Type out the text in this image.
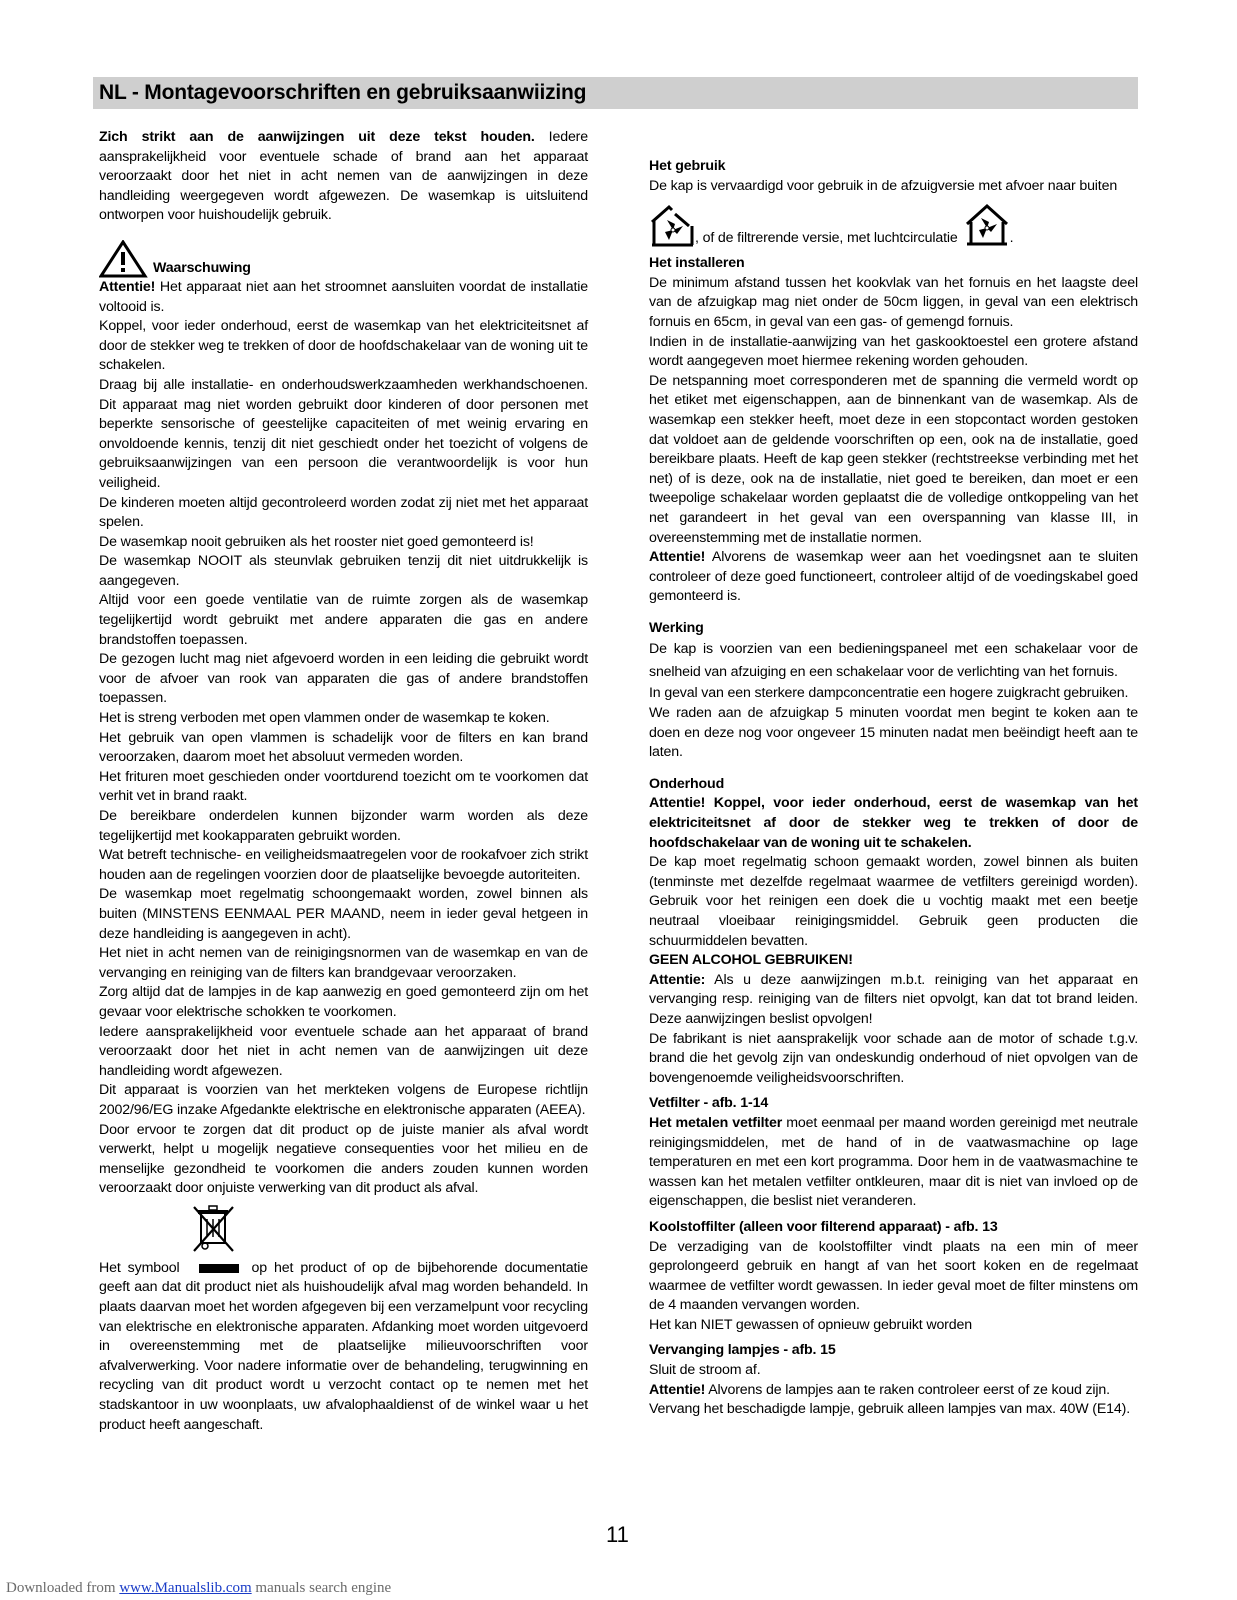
NL - Montagevoorschriften en gebruiksaanwiizing

Zich strikt aan de aanwijzingen uit deze tekst houden. Iedere aansprakelijkheid voor eventuele schade of brand aan het apparaat veroorzaakt door het niet in acht nemen van de aanwijzingen in deze handleiding weergegeven wordt afgewezen. De wasemkap is uitsluitend ontworpen voor huishoudelijk gebruik.

Waarschuwing

Attentie! Het apparaat niet aan het stroomnet aansluiten voordat de installatie voltooid is.

Koppel, voor ieder onderhoud, eerst de wasemkap van het elektriciteitsnet af door de stekker weg te trekken of door de hoofdschakelaar van de woning uit te schakelen.

Draag bij alle installatie- en onderhoudswerkzaamheden werkhandschoenen.

Dit apparaat mag niet worden gebruikt door kinderen of door personen met beperkte sensorische of geestelijke capaciteiten of met weinig ervaring en onvoldoende kennis, tenzij dit niet geschiedt onder het toezicht of volgens de gebruiksaanwijzingen van een persoon die verantwoordelijk is voor hun veiligheid.

De kinderen moeten altijd gecontroleerd worden zodat zij niet met het apparaat spelen.

De wasemkap nooit gebruiken als het rooster niet goed gemonteerd is!

De wasemkap NOOIT als steunvlak gebruiken tenzij dit niet uitdrukkelijk is aangegeven.

Altijd voor een goede ventilatie van de ruimte zorgen als de wasemkap tegelijkertijd wordt gebruikt met andere apparaten die gas en andere brandstoffen toepassen.

De gezogen lucht mag niet afgevoerd worden in een leiding die gebruikt wordt voor de afvoer van rook van apparaten die gas of andere brandstoffen toepassen.

Het is streng verboden met open vlammen onder de wasemkap te koken.

Het gebruik van open vlammen is schadelijk voor de filters en kan brand veroorzaken, daarom moet het absoluut vermeden worden.

Het frituren moet geschieden onder voortdurend toezicht om te voorkomen dat verhit vet in brand raakt.

De bereikbare onderdelen kunnen bijzonder warm worden als deze tegelijkertijd met kookapparaten gebruikt worden.

Wat betreft technische- en veiligheidsmaatregelen voor de rookafvoer zich strikt houden aan de regelingen voorzien door de plaatselijke bevoegde autoriteiten.

De wasemkap moet regelmatig schoongemaakt worden, zowel binnen als buiten (MINSTENS EENMAAL PER MAAND, neem in ieder geval hetgeen in deze handleiding is aangegeven in acht).

Het niet in acht nemen van de reinigingsnormen van de wasemkap en van de vervanging en reiniging van de filters kan brandgevaar veroorzaken.

Zorg altijd dat de lampjes in de kap aanwezig en goed gemonteerd zijn om het gevaar voor elektrische schokken te voorkomen.

Iedere aansprakelijkheid voor eventuele schade aan het apparaat of brand veroorzaakt door het niet in acht nemen van de aanwijzingen uit deze handleiding wordt afgewezen.

Dit apparaat is voorzien van het merkteken volgens de Europese richtlijn 2002/96/EG inzake Afgedankte elektrische en elektronische apparaten (AEEA).

Door ervoor te zorgen dat dit product op de juiste manier als afval wordt verwerkt, helpt u mogelijk negatieve consequenties voor het milieu en de menselijke gezondheid te voorkomen die anders zouden kunnen worden veroorzaakt door onjuiste verwerking van dit product als afval.

Het symbool	op het product of op de bijbehorende documentatie geeft aan dat dit product niet als huishoudelijk afval mag worden behandeld. In plaats daarvan moet het worden afgegeven bij een verzamelpunt voor recycling van elektrische en elektronische apparaten. Afdanking moet worden uitgevoerd in overeenstemming met de plaatselijke milieuvoorschriften voor afvalverwerking. Voor nadere informatie over de behandeling, terugwinning en recycling van dit product wordt u verzocht contact op te nemen met het stadskantoor in uw woonplaats, uw afvalophaaldienst of de winkel waar u het product heeft aangeschaft.

Het gebruik

De kap is vervaardigd voor gebruik in de afzuigversie met afvoer naar buiten

, of de filtrerende versie, met luchtcirculatie	.

Het installeren

De minimum afstand tussen het kookvlak van het fornuis en het laagste deel van de afzuigkap mag niet onder de 50cm liggen, in geval van een elektrisch fornuis en 65cm, in geval van een gas- of gemengd fornuis.

Indien in de installatie-aanwijzing van het gaskooktoestel een grotere afstand wordt aangegeven moet hiermee rekening worden gehouden.

De netspanning moet corresponderen met de spanning die vermeld wordt op het etiket met eigenschappen, aan de binnenkant van de wasemkap. Als de wasemkap een stekker heeft, moet deze in een stopcontact worden gestoken dat voldoet aan de geldende voorschriften op een, ook na de installatie, goed bereikbare plaats. Heeft de kap geen stekker (rechtstreekse verbinding met het net) of is deze, ook na de installatie, niet goed te bereiken, dan moet er een tweepolige schakelaar worden geplaatst die de volledige ontkoppeling van het net garandeert in het geval van een overspanning van klasse III, in overeenstemming met de installatie normen.

Attentie! Alvorens de wasemkap weer aan het voedingsnet aan te sluiten controleer of deze goed functioneert, controleer altijd of de voedingskabel goed gemonteerd is.

Werking

De kap is voorzien van een bedieningspaneel met een schakelaar voor de snelheid van afzuiging en een schakelaar voor de verlichting van het fornuis.

In geval van een sterkere dampconcentratie een hogere zuigkracht gebruiken.

We raden aan de afzuigkap 5 minuten voordat men begint te koken aan te doen en deze nog voor ongeveer 15 minuten nadat men beëindigt heeft aan te laten.

Onderhoud

Attentie! Koppel, voor ieder onderhoud, eerst de wasemkap van het elektriciteitsnet af door de stekker weg te trekken of door de hoofdschakelaar van de woning uit te schakelen.

De kap moet regelmatig schoon gemaakt worden, zowel binnen als buiten (tenminste met dezelfde regelmaat waarmee de vetfilters gereinigd worden). Gebruik voor het reinigen een doek die u vochtig maakt met een beetje neutraal vloeibaar reinigingsmiddel. Gebruik geen producten die schuurmiddelen bevatten.

GEEN ALCOHOL GEBRUIKEN!

Attentie: Als u deze aanwijzingen m.b.t. reiniging van het apparaat en vervanging resp. reiniging van de filters niet opvolgt, kan dat tot brand leiden. Deze aanwijzingen beslist opvolgen!

De fabrikant is niet aansprakelijk voor schade aan de motor of schade t.g.v. brand die het gevolg zijn van ondeskundig onderhoud of niet opvolgen van de bovengenoemde veiligheidsvoorschriften.

Vetfilter - afb. 1-14

Het metalen vetfilter moet eenmaal per maand worden gereinigd met neutrale reinigingsmiddelen, met de hand of in de vaatwasmachine op lage temperaturen en met een kort programma. Door hem in de vaatwasmachine te wassen kan het metalen vetfilter ontkleuren, maar dit is niet van invloed op de eigenschappen, die beslist niet veranderen.

Koolstoffilter (alleen voor filterend apparaat) - afb. 13

De verzadiging van de koolstoffilter vindt plaats na een min of meer geprolongeerd gebruik en hangt af van het soort koken en de regelmaat waarmee de vetfilter wordt gewassen. In ieder geval moet de filter minstens om de 4 maanden vervangen worden.

Het kan NIET gewassen of opnieuw gebruikt worden

Vervanging lampjes - afb. 15

Sluit de stroom af.

Attentie! Alvorens de lampjes aan te raken controleer eerst of ze koud zijn.

Vervang het beschadigde lampje, gebruik alleen lampjes van max. 40W (E14).

11
Downloaded from www.Manualslib.com manuals search engine
